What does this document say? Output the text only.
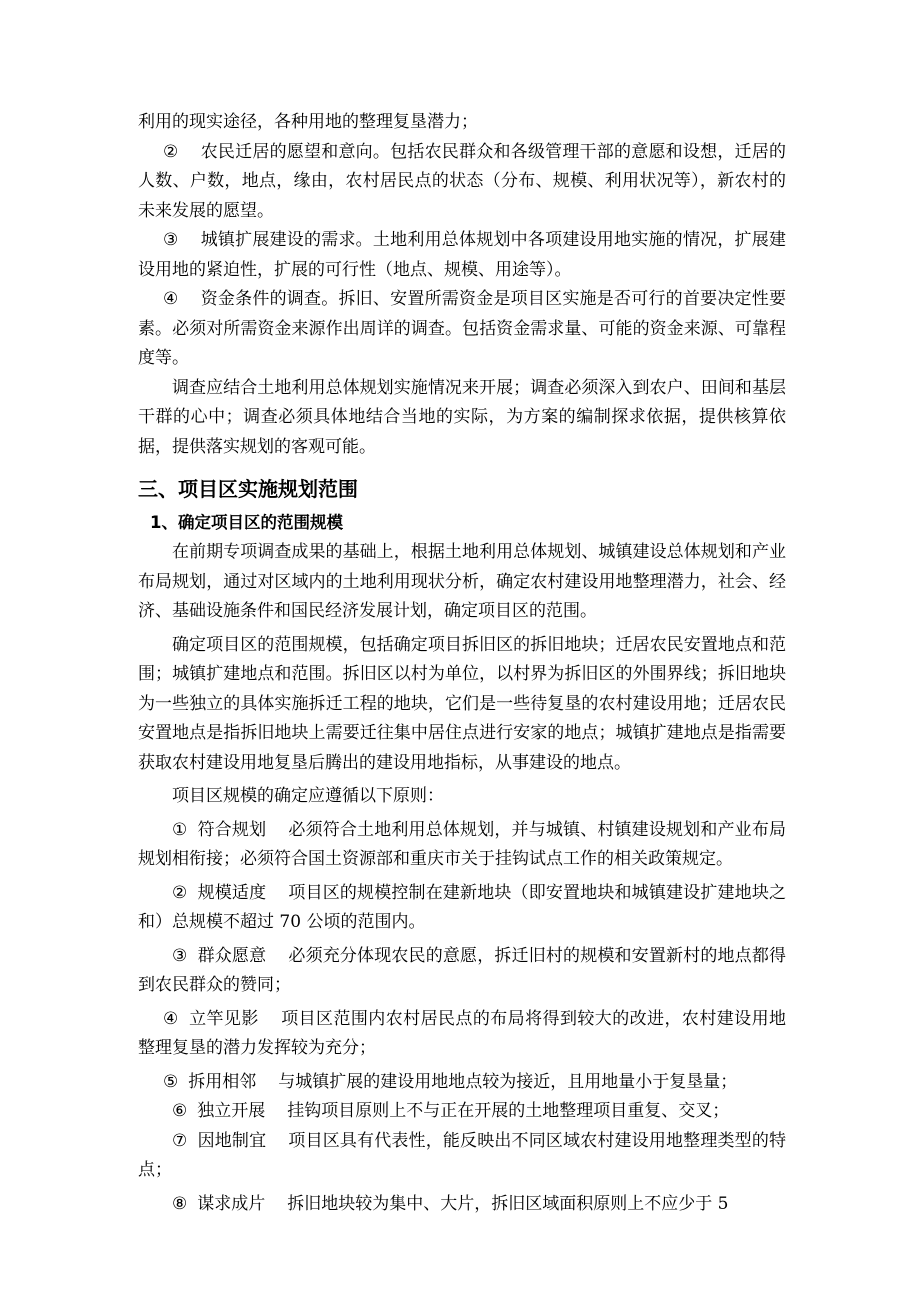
利用的现实途径，各种用地的整理复垦潜力；

② 农民迁居的愿望和意向。包括农民群众和各级管理干部的意愿和设想，迁居的人数、户数，地点，缘由，农村居民点的状态（分布、规模、利用状况等），新农村的未来发展的愿望。

③ 城镇扩展建设的需求。土地利用总体规划中各项建设用地实施的情况，扩展建设用地的紧迫性，扩展的可行性（地点、规模、用途等）。

④ 资金条件的调查。拆旧、安置所需资金是项目区实施是否可行的首要决定性要素。必须对所需资金来源作出周详的调查。包括资金需求量、可能的资金来源、可靠程度等。

调查应结合土地利用总体规划实施情况来开展；调查必须深入到农户、田间和基层干群的心中；调查必须具体地结合当地的实际，为方案的编制探求依据，提供核算依据，提供落实规划的客观可能。

三、项目区实施规划范围
1、确定项目区的范围规模

在前期专项调查成果的基础上，根据土地利用总体规划、城镇建设总体规划和产业布局规划，通过对区域内的土地利用现状分析，确定农村建设用地整理潜力，社会、经济、基础设施条件和国民经济发展计划，确定项目区的范围。

确定项目区的范围规模，包括确定项目拆旧区的拆旧地块；迁居农民安置地点和范围；城镇扩建地点和范围。拆旧区以村为单位，以村界为拆旧区的外围界线；拆旧地块为一些独立的具体实施拆迁工程的地块，它们是一些待复垦的农村建设用地；迁居农民安置地点是指拆旧地块上需要迁往集中居住点进行安家的地点；城镇扩建地点是指需要获取农村建设用地复垦后腾出的建设用地指标，从事建设的地点。

项目区规模的确定应遵循以下原则：

① 符合规划 必须符合土地利用总体规划，并与城镇、村镇建设规划和产业布局规划相衔接；必须符合国土资源部和重庆市关于挂钩试点工作的相关政策规定。

② 规模适度 项目区的规模控制在建新地块（即安置地块和城镇建设扩建地块之和）总规模不超过 70 公顷的范围内。

③ 群众愿意 必须充分体现农民的意愿，拆迁旧村的规模和安置新村的地点都得到农民群众的赞同；

④ 立竿见影 项目区范围内农村居民点的布局将得到较大的改进，农村建设用地整理复垦的潜力发挥较为充分；

⑤ 拆用相邻 与城镇扩展的建设用地地点较为接近，且用地量小于复垦量；

⑥ 独立开展 挂钩项目原则上不与正在开展的土地整理项目重复、交叉；

⑦ 因地制宜 项目区具有代表性，能反映出不同区域农村建设用地整理类型的特点；

⑧ 谋求成片 拆旧地块较为集中、大片，拆旧区域面积原则上不应少于 5
